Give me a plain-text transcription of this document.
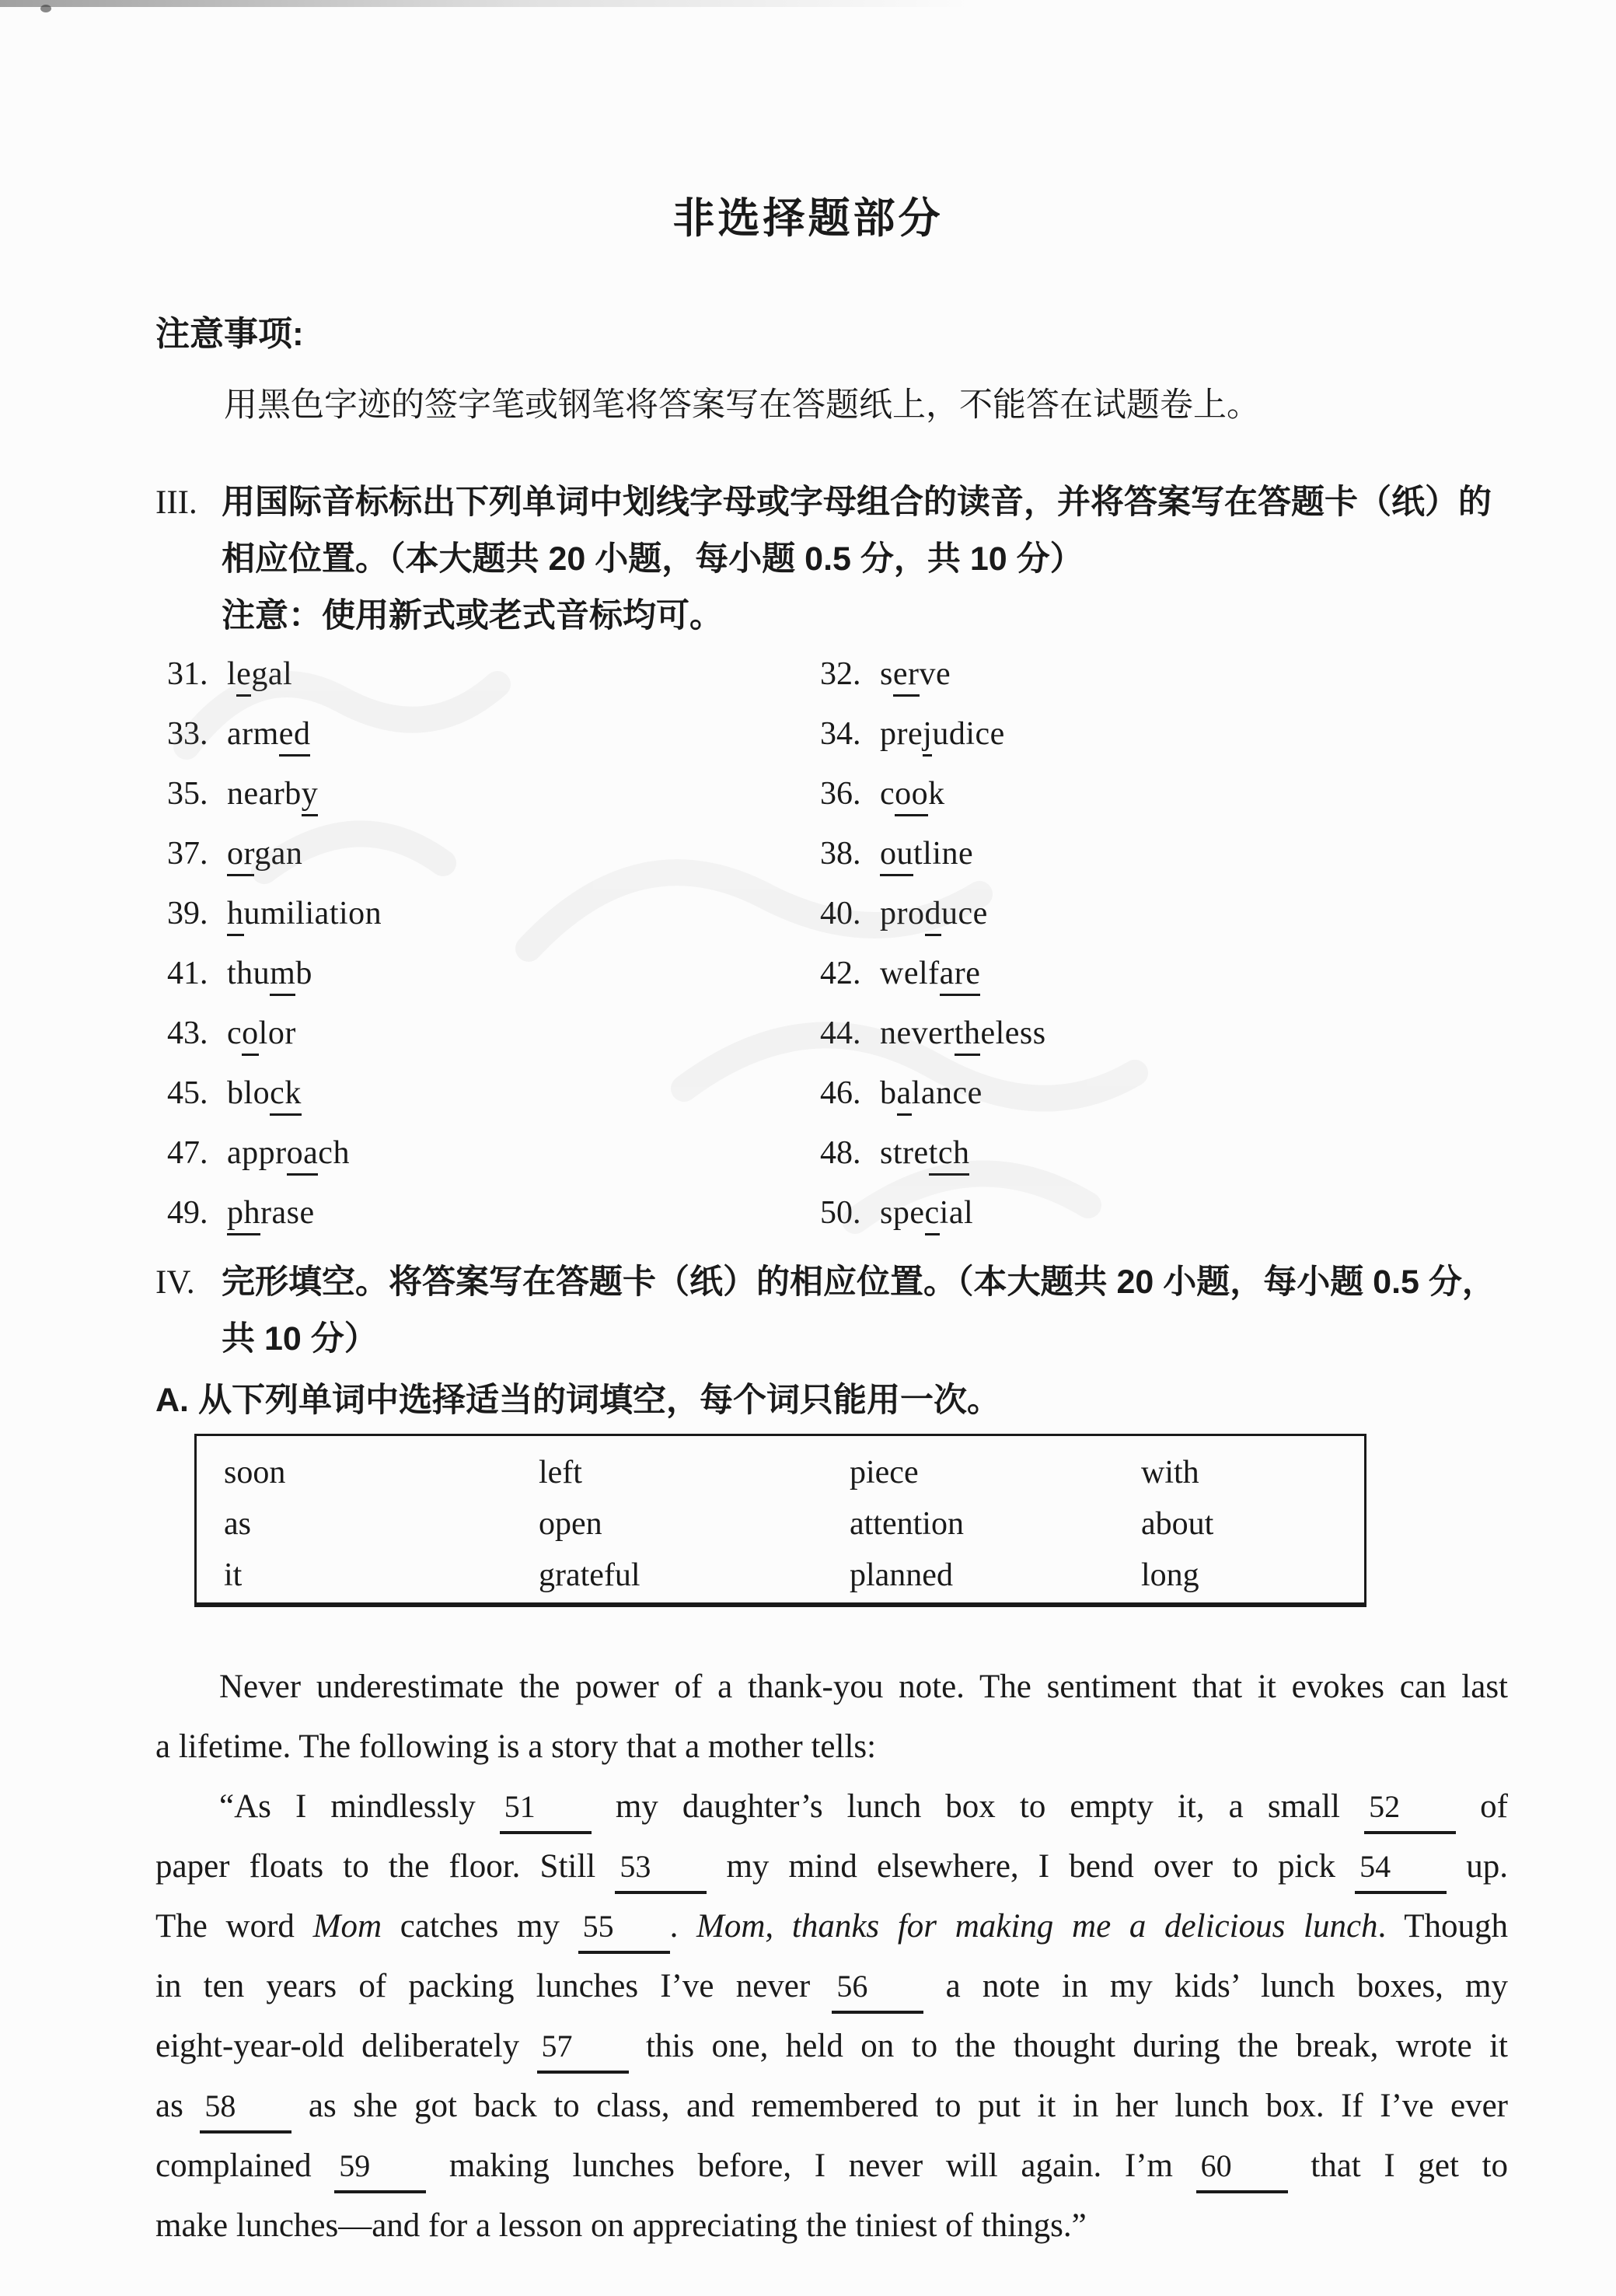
非选择题部分
注意事项:
用黑色字迹的签字笔或钢笔将答案写在答题纸上，不能答在试题卷上。
III. 用国际音标标出下列单词中划线字母或字母组合的读音，并将答案写在答题卡（纸）的相应位置。（本大题共 20 小题，每小题 0.5 分，共 10 分）
注意：使用新式或老式音标均可。
31. legal	32. serve
33. armed	34. prejudice
35. nearby	36. cook
37. organ	38. outline
39. humiliation	40. produce
41. thumb	42. welfare
43. color	44. nevertheless
45. block	46. balance
47. approach	48. stretch
49. phrase	50. special
IV. 完形填空。将答案写在答题卡（纸）的相应位置。（本大题共 20 小题，每小题 0.5 分，共 10 分）
A. 从下列单词中选择适当的词填空，每个词只能用一次。
soon	left	piece	with
as	open	attention	about
it	grateful	planned	long
Never underestimate the power of a thank-you note. The sentiment that it evokes can last
a lifetime. The following is a story that a mother tells:
“As I mindlessly 51 my daughter’s lunch box to empty it, a small 52 of
paper floats to the floor. Still 53 my mind elsewhere, I bend over to pick 54 up.
The word Mom catches my 55 . Mom, thanks for making me a delicious lunch. Though
in ten years of packing lunches I’ve never 56 a note in my kids’ lunch boxes, my
eight-year-old deliberately 57 this one, held on to the thought during the break, wrote it
as 58 as she got back to class, and remembered to put it in her lunch box. If I’ve ever
complained 59 making lunches before, I never will again. I’m 60 that I get to
make lunches—and for a lesson on appreciating the tiniest of things.”
